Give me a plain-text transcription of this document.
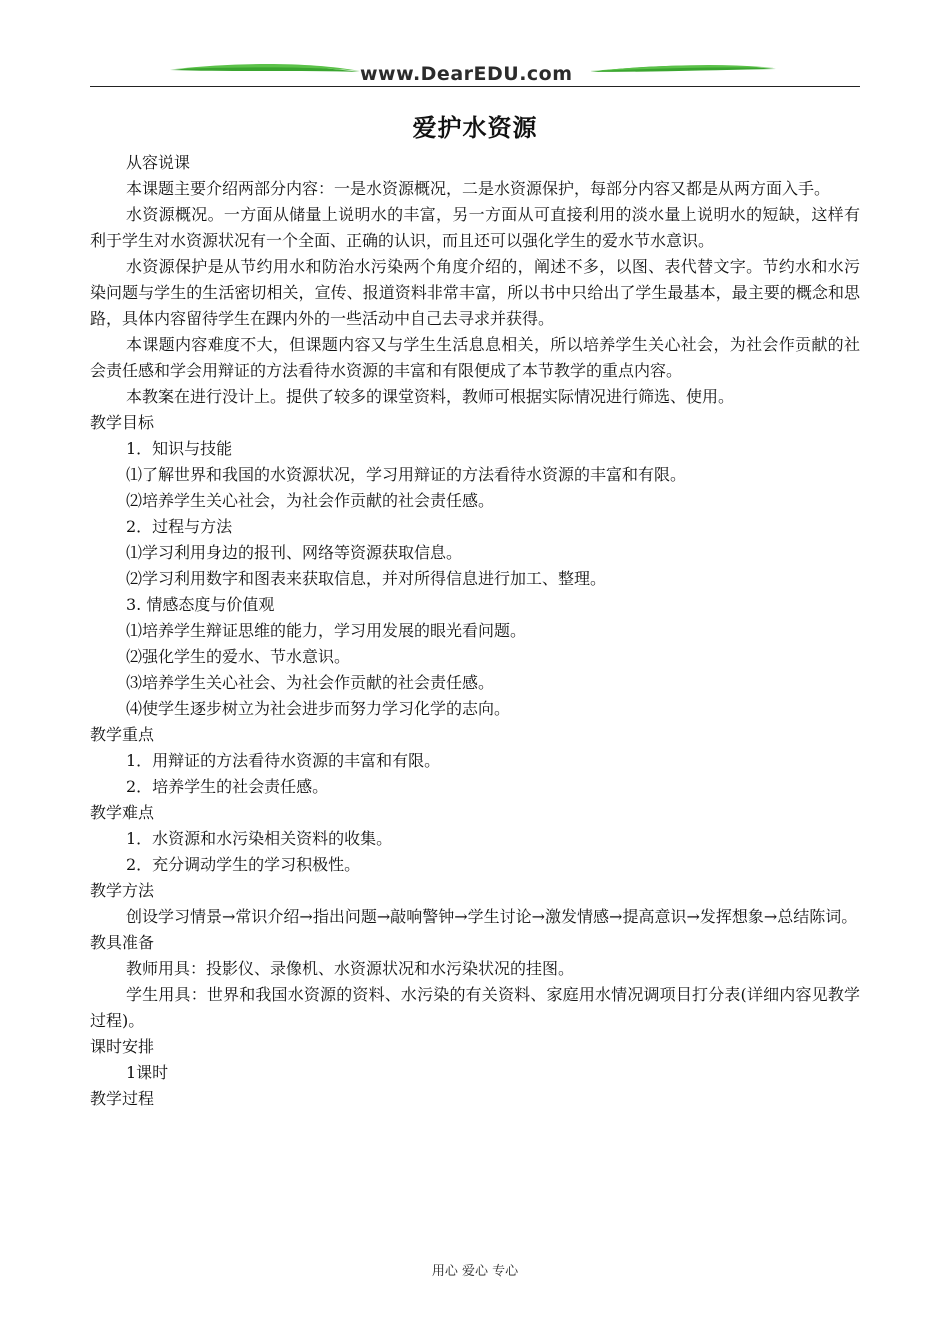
www.DearEDU.com
爱护水资源

从容说课

本课题主要介绍两部分内容：一是水资源概况，二是水资源保护，每部分内容又都是从两方面入手。

水资源概况。一方面从储量上说明水的丰富，另一方面从可直接利用的淡水量上说明水的短缺，这样有利于学生对水资源状况有一个全面、正确的认识，而且还可以强化学生的爱水节水意识。

水资源保护是从节约用水和防治水污染两个角度介绍的，阐述不多，以图、表代替文字。节约水和水污染问题与学生的生活密切相关，宣传、报道资料非常丰富，所以书中只给出了学生最基本，最主要的概念和思路，具体内容留待学生在踝内外的一些活动中自己去寻求并获得。

本课题内容难度不大，但课题内容又与学生生活息息相关，所以培养学生关心社会，为社会作贡献的社会责任感和学会用辩证的方法看待水资源的丰富和有限便成了本节教学的重点内容。

本教案在进行没计上。提供了较多的课堂资料，教师可根据实际情况进行筛选、使用。

教学目标

1．知识与技能

⑴了解世界和我国的水资源状况，学习用辩证的方法看待水资源的丰富和有限。

⑵培养学生关心社会，为社会作贡献的社会责任感。

2．过程与方法

⑴学习利用身边的报刊、网络等资源获取信息。

⑵学习利用数字和图表来获取信息，并对所得信息进行加工、整理。

3. 情感态度与价值观

⑴培养学生辩证思维的能力，学习用发展的眼光看问题。

⑵强化学生的爱水、节水意识。

⑶培养学生关心社会、为社会作贡献的社会责任感。

⑷使学生逐步树立为社会进步而努力学习化学的志向。

教学重点

1．用辩证的方法看待水资源的丰富和有限。

2．培养学生的社会责任感。

教学难点

1．水资源和水污染相关资料的收集。

2．充分调动学生的学习积极性。

教学方法

创设学习情景→常识介绍→指出问题→敲响警钟→学生讨论→激发情感→提高意识→发挥想象→总结陈词。

教具准备

教师用具：投影仪、录像机、水资源状况和水污染状况的挂图。

学生用具：世界和我国水资源的资料、水污染的有关资料、家庭用水情况调项目打分表(详细内容见教学过程)。

课时安排

1课时

教学过程

用心 爱心 专心
